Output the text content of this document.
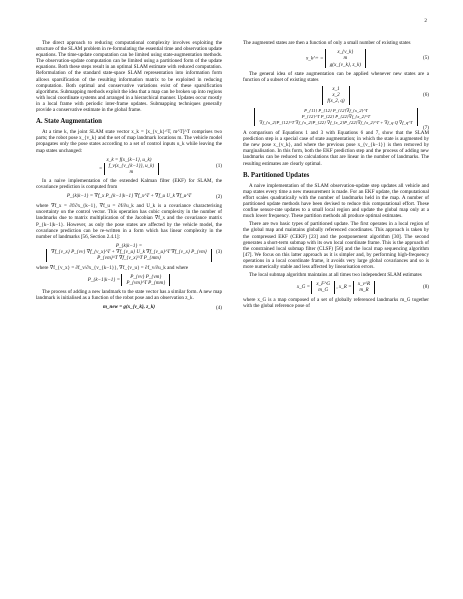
2

The direct approach to reducing computational complexity involves exploiting the structure of the SLAM problem in re-formulating the essential time and observation update equations. The time-update computation can be limited using state-augmentation methods. The observation-update computation can be limited using a partitioned form of the update equations. Both these steps result in an optimal SLAM estimate with reduced computation. Reformulation of the standard state-space SLAM representation into information form allows sparsification of the resulting information matrix to be exploited in reducing computation. Both optimal and conservative variations exist of these sparsification algorithms. Submapping methods exploit the idea that a map can be broken up into regions with local coordinate systems and arranged in a hierarchical manner. Updates occur mostly in a local frame with periodic inter-frame updates. Submapping techniques generally provide a conservative estimate in the global frame.

A. State Augmentation

At a time k, the joint SLAM state vector x_k = [x_{v_k}^T, m^T]^T comprises two parts; the robot pose x_{v_k} and the set of map landmark locations m. The vehicle model propagates only the pose states according to a set of control inputs u_k while leaving the map states unchanged:

x_k = f(x_{k−1}, u_k)
=
f_v(x_{v_{k−1}}, u_k)
m
(1)

In a naive implementation of the extended Kalman filter (EKF) for SLAM, the covariance prediction is computed from

P_{k|k−1} = ∇f_x P_{k−1|k−1} ∇f_x^T + ∇f_u U_k ∇f_u^T	(2)

where ∇f_x = ∂f/∂x_{k−1}, ∇f_u = ∂f/∂u_k and U_k is a covariance characterising uncertainty on the control vector. This operation has cubic complexity in the number of landmarks due to matrix multiplication of the Jacobian ∇f_x and the covariance matrix P_{k−1|k−1}. However, as only the pose states are affected by the vehicle model, the covariance prediction can be re-written in a form which has linear complexity in the number of landmarks [56, Section 2.4.1]:

P_{k|k−1} =
∇f_{v_x} P_{vv} ∇f_{v_x}^T + ∇f_{v_u} U_k ∇f_{v_u}^T ∇f_{v_x} P_{vm}
P_{vm}^T ∇f_{v_x}^T P_{mm}
(3)

where ∇f_{v_x} = ∂f_v/∂x_{v_{k−1}}, ∇f_{v_u} = ∂f_v/∂u_k and where

P_{k−1|k−1} =
P_{vv} P_{vm}
P_{vm}^T P_{mm}

The process of adding a new landmark to the state vector has a similar form. A new map landmark is initialised as a function of the robot pose and an observation z_k.

m_new = g(x_{v_k}, z_k)	(4)

The augmented states are then a function of only a small number of existing states

x_k^+ =
x_{v_k}
m
g(x_{v_k}, z_k)
(5)

The general idea of state augmentation can be applied whenever new states are a function of a subset of existing states

x_1
x_2
f(x_2, q)
(6)
P_{11} P_{12} P_{12}∇f_{x_2}^T
P_{12}^T P_{22} P_{22}∇f_{x_2}^T
∇f_{x_2}P_{12}^T ∇f_{x_2}P_{22} ∇f_{x_2}P_{22}∇f_{x_2}^T + ∇f_q Q ∇f_q^T
(7)

A comparison of Equations 1 and 3 with Equations 6 and 7, show that the SLAM prediction step is a special case of state augmentation; in which the state is augmented by the new pose x_{v_k}, and where the previous pose x_{v_{k−1}} is then removed by marginalisation. In this form, both the EKF prediction step and the process of adding new landmarks can be reduced to calculations that are linear in the number of landmarks. The resulting estimates are clearly optimal.

B. Partitioned Updates

A naive implementation of the SLAM observation-update step updates all vehicle and map states every time a new measurement is made. For an EKF update, the computational effort scales quadratically with the number of landmarks held in the map. A number of partitioned update methods have been devised to reduce this computational effort. These confine sensor-rate updates to a small local region and update the global map only at a much lower frequency. These partition methods all produce optimal estimates.

There are two basic types of partitioned update. The first operates in a local region of the global map and maintains globally referenced coordinates. This approach is taken by the compressed EKF (CEKF) [23] and the postponement algorithm [30]. The second generates a short-term submap with its own local coordinate frame. This is the approach of the constrained local submap filter (CLSF) [56] and the local map sequencing algorithm [47]. We focus on this latter approach as it is simpler and, by performing high-frequency operations in a local coordinate frame, it avoids very large global covariances and so is more numerically stable and less affected by linearisation errors.

The local submap algorithm maintains at all times two independent SLAM estimates

x_G =
x_F^G
m_G
, x_R =
x_v^R
m_R
(8)

where x_G is a map composed of a set of globally referenced landmarks m_G together with the global reference pose of
